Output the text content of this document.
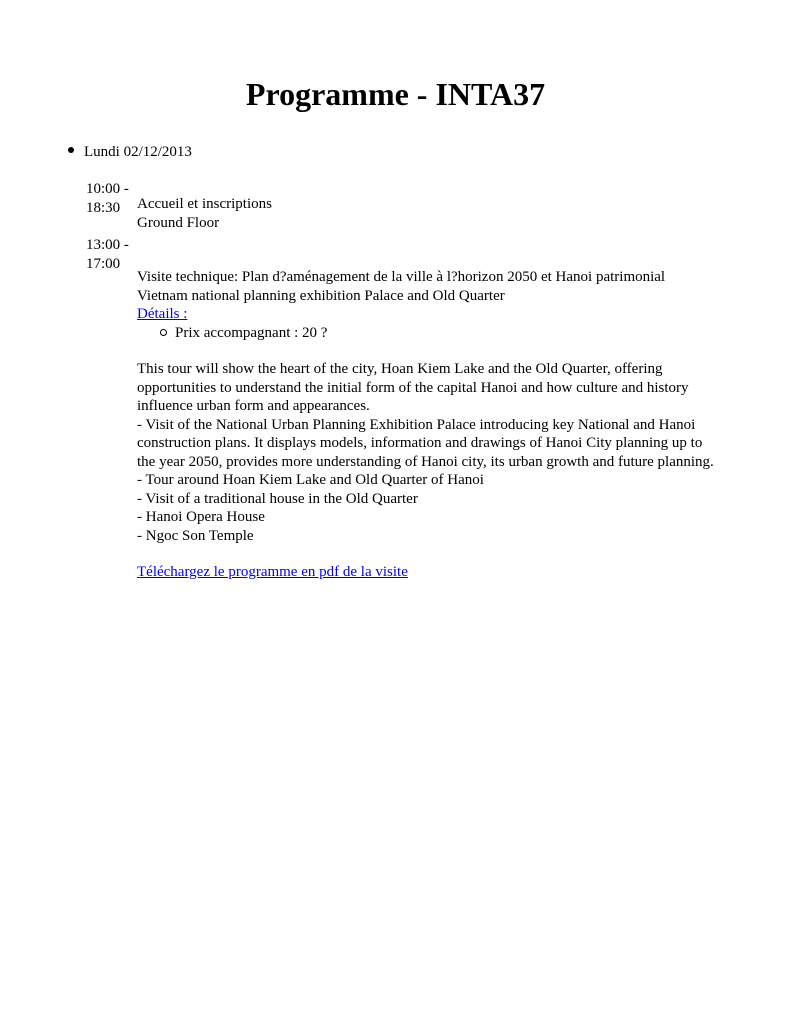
Programme - INTA37
Lundi 02/12/2013
10:00 -
18:30	Accueil et inscriptions
Ground Floor
13:00 -
17:00
Visite technique: Plan d?aménagement de la ville à l?horizon 2050 et Hanoi patrimonial
Vietnam national planning exhibition Palace and Old Quarter
Détails :
Prix accompagnant : 20 ?
This tour will show the heart of the city, Hoan Kiem Lake and the Old Quarter, offering
opportunities to understand the initial form of the capital Hanoi and how culture and history
influence urban form and appearances.
- Visit of the National Urban Planning Exhibition Palace introducing key National and Hanoi
construction plans. It displays models, information and drawings of Hanoi City planning up to
the year 2050, provides more understanding of Hanoi city, its urban growth and future planning.
- Tour around Hoan Kiem Lake and Old Quarter of Hanoi
- Visit of a traditional house in the Old Quarter
- Hanoi Opera House
- Ngoc Son Temple
Téléchargez le programme en pdf de la visite
